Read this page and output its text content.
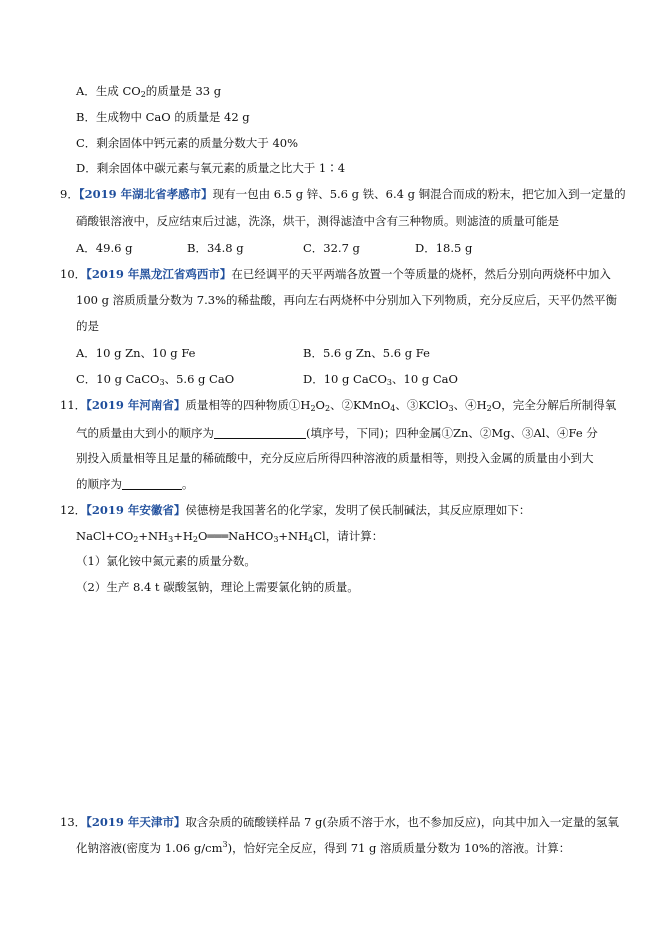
A．生成 $CO_2$的质量是 33 g
B．生成物中 CaO 的质量是 42 g
C．剩余固体中钙元素的质量分数大于 40%
D．剩余固体中碳元素与氧元素的质量之比大于 1∶4
9．【2019 年湖北省孝感市】现有一包由 6.5 g 锌、5.6 g 铁、6.4 g 铜混合而成的粉末，把它加入到一定量的
硝酸银溶液中，反应结束后过滤，洗涤，烘干，测得滤渣中含有三种物质。则滤渣的质量可能是
A．49.6 g	B．34.8 g	C．32.7 g	D．18.5 g
10．【2019 年黑龙江省鸡西市】在已经调平的天平两端各放置一个等质量的烧杯，然后分别向两烧杯中加入
100 g 溶质质量分数为 7.3%的稀盐酸，再向左右两烧杯中分别加入下列物质，充分反应后，天平仍然平衡
的是
A．10 g Zn、10 g Fe	B．5.6 g Zn、5.6 g Fe
C．10 g CaCO$_3$、5.6 g CaO	D．10 g CaCO$_3$、10 g CaO
11．【2019 年河南省】质量相等的四种物质$①H_2O_2$、②KMnO$_4$、③KClO$_3$、$④H_2O$，完全分解后所制得氧
气的质量由大到小的顺序为	(填序号，下同)；四种金属①Zn、②Mg、③Al、④Fe 分
别投入质量相等且足量的稀硫酸中，充分反应后所得四种溶液的质量相等，则投入金属的质量由小到大
的顺序为	。
12．【2019 年安徽省】侯德榜是我国著名的化学家，发明了侯氏制碱法，其反应原理如下：
$NaCl+CO_2+NH_3+H_2O═══NaHCO_3+NH_4Cl$，请计算：
（1）氯化铵中氮元素的质量分数。
（2）生产 8.4 t 碳酸氢钠，理论上需要氯化钠的质量。
13．【2019 年天津市】取含杂质的硫酸镁样品 7 g(杂质不溶于水，也不参加反应)，向其中加入一定量的氢氧
化钠溶液(密度为 1.06 $g/cm^3$)，恰好完全反应，得到 71 g 溶质质量分数为 10%的溶液。计算：
